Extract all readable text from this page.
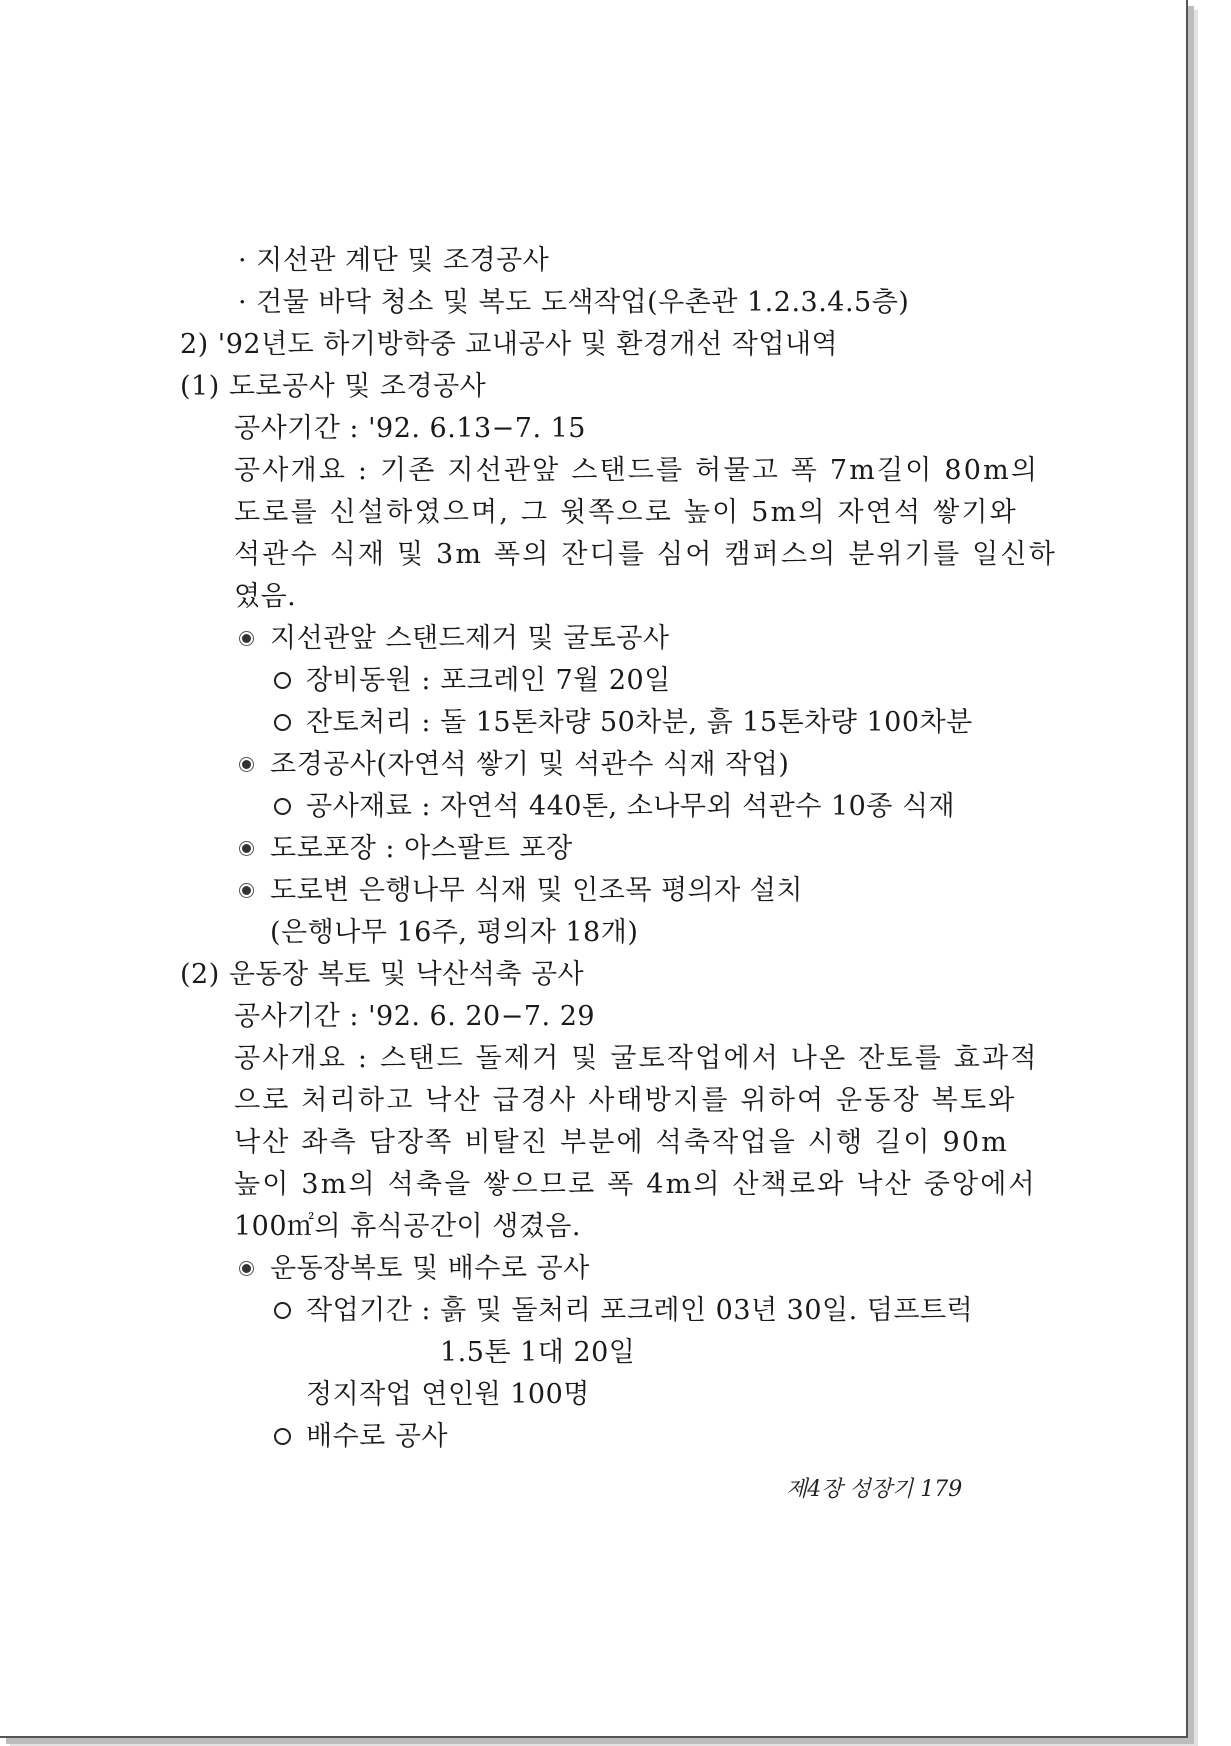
· 지선관 계단 및 조경공사
· 건물 바닥 청소 및 복도 도색작업(우촌관 1.2.3.4.5층)
2) '92년도 하기방학중 교내공사 및 환경개선 작업내역
(1) 도로공사 및 조경공사
공사기간 : '92. 6.13−7. 15
공사개요 : 기존 지선관앞 스탠드를 허물고 폭 7m길이 80m의
도로를 신설하였으며, 그 윗쪽으로 높이 5m의 자연석 쌓기와
석관수 식재 및 3m 폭의 잔디를 심어 캠퍼스의 분위기를 일신하
였음.
지선관앞 스탠드제거 및 굴토공사
장비동원 : 포크레인 7월 20일
잔토처리 : 돌 15톤차량 50차분, 흙 15톤차량 100차분
조경공사(자연석 쌓기 및 석관수 식재 작업)
공사재료 : 자연석 440톤, 소나무외 석관수 10종 식재
도로포장 : 아스팔트 포장
도로변 은행나무 식재 및 인조목 평의자 설치
(은행나무 16주, 평의자 18개)
(2) 운동장 복토 및 낙산석축 공사
공사기간 : '92. 6. 20−7. 29
공사개요 : 스탠드 돌제거 및 굴토작업에서 나온 잔토를 효과적
으로 처리하고 낙산 급경사 사태방지를 위하여 운동장 복토와
낙산 좌측 담장쪽 비탈진 부분에 석축작업을 시행 길이 90m
높이 3m의 석축을 쌓으므로 폭 4m의 산책로와 낙산 중앙에서
100㎡의 휴식공간이 생겼음.
운동장복토 및 배수로 공사
작업기간 : 흙 및 돌처리 포크레인 03년 30일. 덤프트럭
1.5톤 1대 20일
정지작업 연인원 100명
배수로 공사
제4장 성장기 179
